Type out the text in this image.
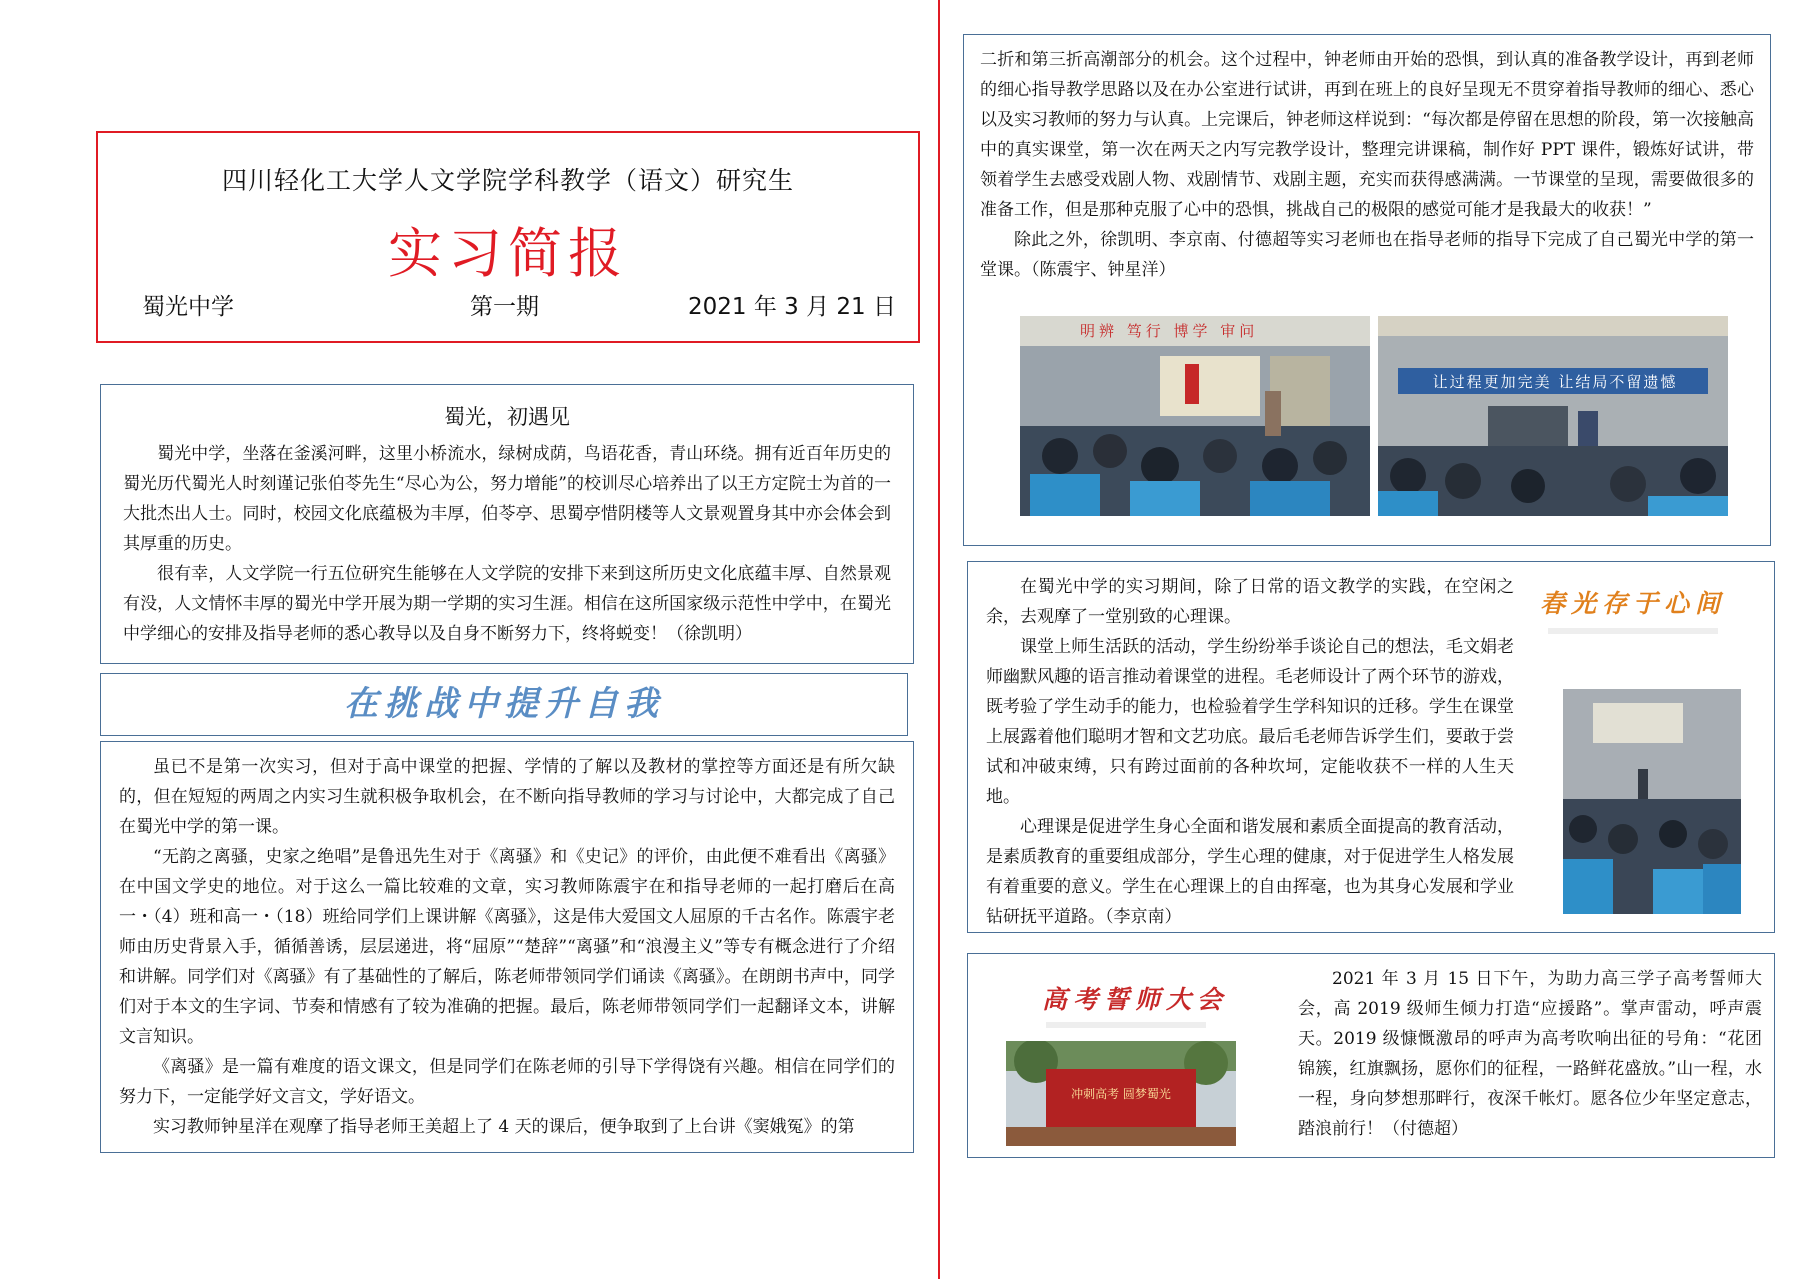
四川轻化工大学人文学院学科教学（语文）研究生
实习简报
蜀光中学	第一期	2021 年 3 月 21 日
蜀光，初遇见

蜀光中学，坐落在釜溪河畔，这里小桥流水，绿树成荫，鸟语花香，青山环绕。拥有近百年历史的蜀光历代蜀光人时刻谨记张伯苓先生“尽心为公，努力增能”的校训尽心培养出了以王方定院士为首的一大批杰出人士。同时，校园文化底蕴极为丰厚，伯苓亭、思蜀亭惜阴楼等人文景观置身其中亦会体会到其厚重的历史。

很有幸，人文学院一行五位研究生能够在人文学院的安排下来到这所历史文化底蕴丰厚、自然景观有没，人文情怀丰厚的蜀光中学开展为期一学期的实习生涯。相信在这所国家级示范性中学中，在蜀光中学细心的安排及指导老师的悉心教导以及自身不断努力下，终将蜕变！（徐凯明）

在挑战中提升自我

虽已不是第一次实习，但对于高中课堂的把握、学情的了解以及教材的掌控等方面还是有所欠缺的，但在短短的两周之内实习生就积极争取机会，在不断向指导教师的学习与讨论中，大都完成了自己在蜀光中学的第一课。

“无韵之离骚，史家之绝唱”是鲁迅先生对于《离骚》和《史记》的评价，由此便不难看出《离骚》在中国文学史的地位。对于这么一篇比较难的文章，实习教师陈震宇在和指导老师的一起打磨后在高一・（4）班和高一・（18）班给同学们上课讲解《离骚》，这是伟大爱国文人屈原的千古名作。陈震宇老师由历史背景入手，循循善诱，层层递进，将“屈原”“楚辞”“离骚”和“浪漫主义”等专有概念进行了介绍和讲解。同学们对《离骚》有了基础性的了解后，陈老师带领同学们诵读《离骚》。在朗朗书声中，同学们对于本文的生字词、节奏和情感有了较为准确的把握。最后，陈老师带领同学们一起翻译文本，讲解文言知识。

《离骚》是一篇有难度的语文课文，但是同学们在陈老师的引导下学得饶有兴趣。相信在同学们的努力下，一定能学好文言文，学好语文。

实习教师钟星洋在观摩了指导老师王美超上了 4 天的课后，便争取到了上台讲《窦娥冤》的第

二折和第三折高潮部分的机会。这个过程中，钟老师由开始的恐惧，到认真的准备教学设计，再到老师的细心指导教学思路以及在办公室进行试讲，再到在班上的良好呈现无不贯穿着指导教师的细心、悉心以及实习教师的努力与认真。上完课后，钟老师这样说到：“每次都是停留在思想的阶段，第一次接触高中的真实课堂，第一次在两天之内写完教学设计，整理完讲课稿，制作好 PPT 课件，锻炼好试讲，带领着学生去感受戏剧人物、戏剧情节、戏剧主题，充实而获得感满满。一节课堂的呈现，需要做很多的准备工作，但是那种克服了心中的恐惧，挑战自己的极限的感觉可能才是我最大的收获！”

除此之外，徐凯明、李京南、付德超等实习老师也在指导老师的指导下完成了自己蜀光中学的第一堂课。（陈震宇、钟星洋）

明辨 笃行 博学 审问
让过程更加完美 让结局不留遗憾

在蜀光中学的实习期间，除了日常的语文教学的实践，在空闲之余，去观摩了一堂别致的心理课。

课堂上师生活跃的活动，学生纷纷举手谈论自己的想法，毛文娟老师幽默风趣的语言推动着课堂的进程。毛老师设计了两个环节的游戏，既考验了学生动手的能力，也检验着学生学科知识的迁移。学生在课堂上展露着他们聪明才智和文艺功底。最后毛老师告诉学生们，要敢于尝试和冲破束缚，只有跨过面前的各种坎坷，定能收获不一样的人生天地。

心理课是促进学生身心全面和谐发展和素质全面提高的教育活动，是素质教育的重要组成部分，学生心理的健康，对于促进学生人格发展有着重要的意义。学生在心理课上的自由挥毫，也为其身心发展和学业钻研抚平道路。（李京南）

春光存于心间

2021 年 3 月 15 日下午，为助力高三学子高考誓师大会，高 2019 级师生倾力打造“应援路”。掌声雷动，呼声震天。2019 级慷慨激昂的呼声为高考吹响出征的号角：“花团锦簇，红旗飘扬，愿你们的征程，一路鲜花盛放。”山一程，水一程，身向梦想那畔行，夜深千帐灯。愿各位少年坚定意志，踏浪前行！（付德超）

高考誓师大会
冲刺高考 圆梦蜀光
